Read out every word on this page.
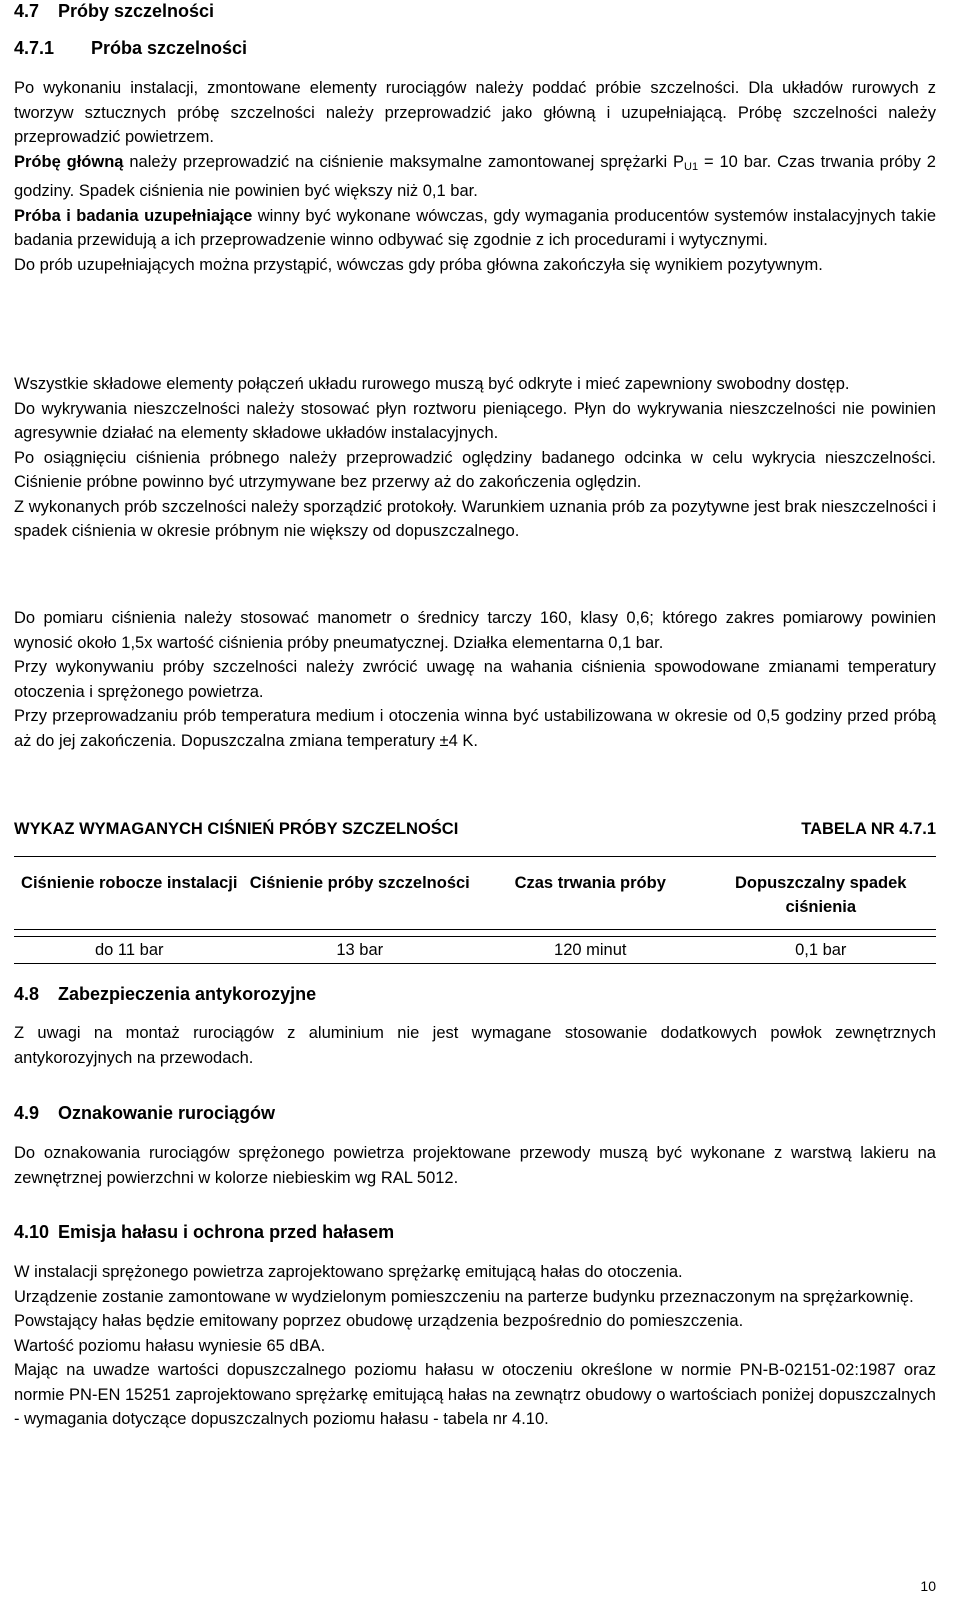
4.7 Próby szczelności
4.7.1 Próba szczelności

Po wykonaniu instalacji, zmontowane elementy rurociągów należy poddać próbie szczelności. Dla układów rurowych z tworzyw sztucznych próbę szczelności należy przeprowadzić jako główną i uzupełniającą. Próbę szczelności należy przeprowadzić powietrzem.

Próbę główną należy przeprowadzić na ciśnienie maksymalne zamontowanej sprężarki $P_{U1} = 10$ bar. Czas trwania próby 2 godziny. Spadek ciśnienia nie powinien być większy niż 0,1 bar.

Próba i badania uzupełniające winny być wykonane wówczas, gdy wymagania producentów systemów instalacyjnych takie badania przewidują a ich przeprowadzenie winno odbywać się zgodnie z ich procedurami i wytycznymi.

Do prób uzupełniających można przystąpić, wówczas gdy próba główna zakończyła się wynikiem pozytywnym.

Wszystkie składowe elementy połączeń układu rurowego muszą być odkryte i mieć zapewniony swobodny dostęp.

Do wykrywania nieszczelności należy stosować płyn roztworu pieniącego. Płyn do wykrywania nieszczelności nie powinien agresywnie działać na elementy składowe układów instalacyjnych.

Po osiągnięciu ciśnienia próbnego należy przeprowadzić oględziny badanego odcinka w celu wykrycia nieszczelności. Ciśnienie próbne powinno być utrzymywane bez przerwy aż do zakończenia oględzin.

Z wykonanych prób szczelności należy sporządzić protokoły. Warunkiem uznania prób za pozytywne jest brak nieszczelności i spadek ciśnienia w okresie próbnym nie większy od dopuszczalnego.

Do pomiaru ciśnienia należy stosować manometr o średnicy tarczy 160, klasy 0,6; którego zakres pomiarowy powinien wynosić około 1,5x wartość ciśnienia próby pneumatycznej. Działka elementarna 0,1 bar.

Przy wykonywaniu próby szczelności należy zwrócić uwagę na wahania ciśnienia spowodowane zmianami temperatury otoczenia i sprężonego powietrza.

Przy przeprowadzaniu prób temperatura medium i otoczenia winna być ustabilizowana w okresie od 0,5 godziny przed próbą aż do jej zakończenia. Dopuszczalna zmiana temperatury ±4 K.

WYKAZ WYMAGANYCH CIŚNIEŃ PRÓBY SZCZELNOŚCI	TABELA NR 4.7.1
Ciśnienie robocze instalacji	Ciśnienie próby szczelności	Czas trwania próby	Dopuszczalny spadek ciśnienia

do 11 bar	13 bar	120 minut	0,1 bar
4.8 Zabezpieczenia antykorozyjne

Z uwagi na montaż rurociągów z aluminium nie jest wymagane stosowanie dodatkowych powłok zewnętrznych antykorozyjnych na przewodach.

4.9 Oznakowanie rurociągów

Do oznakowania rurociągów sprężonego powietrza projektowane przewody muszą być wykonane z warstwą lakieru na zewnętrznej powierzchni w kolorze niebieskim wg RAL 5012.

4.10 Emisja hałasu i ochrona przed hałasem

W instalacji sprężonego powietrza zaprojektowano sprężarkę emitującą hałas do otoczenia.

Urządzenie zostanie zamontowane w wydzielonym pomieszczeniu na parterze budynku przeznaczonym na sprężarkownię.

Powstający hałas będzie emitowany poprzez obudowę urządzenia bezpośrednio do pomieszczenia.

Wartość poziomu hałasu wyniesie 65 dBA.

Mając na uwadze wartości dopuszczalnego poziomu hałasu w otoczeniu określone w normie PN-B-02151-02:1987 oraz normie PN-EN 15251 zaprojektowano sprężarkę emitującą hałas na zewnątrz obudowy o wartościach poniżej dopuszczalnych - wymagania dotyczące dopuszczalnych poziomu hałasu - tabela nr 4.10.

10
